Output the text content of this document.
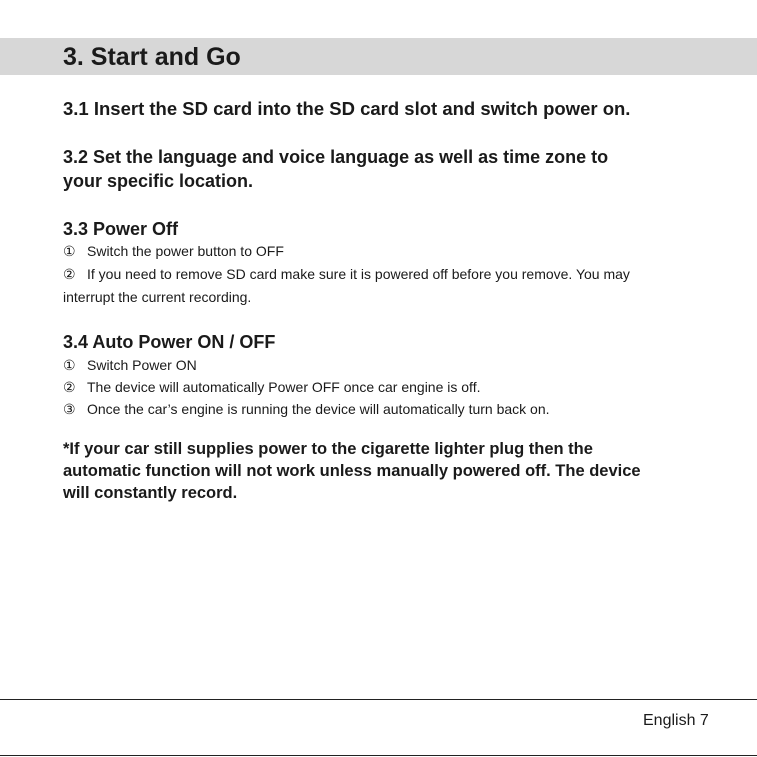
3. Start and Go
3.1 Insert the SD card into the SD card slot and switch power on.
3.2 Set the language and voice language as well as time zone to
your specific location.
3.3 Power Off

① Switch the power button to OFF

② If you need to remove SD card make sure it is powered off before you remove. You may

interrupt the current recording.

3.4 Auto Power ON / OFF

① Switch Power ON

② The device will automatically Power OFF once car engine is off.

③ Once the car’s engine is running the device will automatically turn back on.

*If your car still supplies power to the cigarette lighter plug then the
automatic function will not work unless manually powered off. The device
will constantly record.
English 7
